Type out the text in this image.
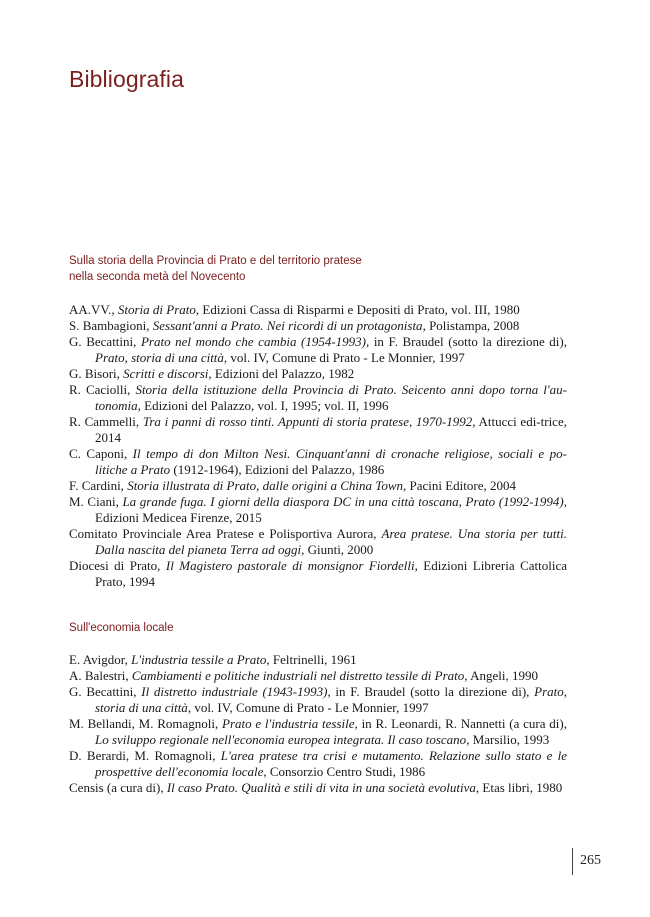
Bibliografia
Sulla storia della Provincia di Prato e del territorio pratese
nella seconda metà del Novecento
AA.VV., Storia di Prato, Edizioni Cassa di Risparmi e Depositi di Prato, vol. III, 1980
S. Bambagioni, Sessant'anni a Prato. Nei ricordi di un protagonista, Polistampa, 2008
G. Becattini, Prato nel mondo che cambia (1954-1993), in F. Braudel (sotto la direzione di), Prato, storia di una città, vol. IV, Comune di Prato - Le Monnier, 1997
G. Bisori, Scritti e discorsi, Edizioni del Palazzo, 1982
R. Caciolli, Storia della istituzione della Provincia di Prato. Seicento anni dopo torna l'au-tonomia, Edizioni del Palazzo, vol. I, 1995; vol. II, 1996
R. Cammelli, Tra i panni di rosso tinti. Appunti di storia pratese, 1970-1992, Attucci edi-trice, 2014
C. Caponi, Il tempo di don Milton Nesi. Cinquant'anni di cronache religiose, sociali e po-litiche a Prato (1912-1964), Edizioni del Palazzo, 1986
F. Cardini, Storia illustrata di Prato, dalle origini a China Town, Pacini Editore, 2004
M. Ciani, La grande fuga. I giorni della diaspora DC in una città toscana, Prato (1992-1994), Edizioni Medicea Firenze, 2015
Comitato Provinciale Area Pratese e Polisportiva Aurora, Area pratese. Una storia per tutti. Dalla nascita del pianeta Terra ad oggi, Giunti, 2000
Diocesi di Prato, Il Magistero pastorale di monsignor Fiordelli, Edizioni Libreria Cattolica Prato, 1994
Sull'economia locale
E. Avigdor, L'industria tessile a Prato, Feltrinelli, 1961
A. Balestri, Cambiamenti e politiche industriali nel distretto tessile di Prato, Angeli, 1990
G. Becattini, Il distretto industriale (1943-1993), in F. Braudel (sotto la direzione di), Prato, storia di una città, vol. IV, Comune di Prato - Le Monnier, 1997
M. Bellandi, M. Romagnoli, Prato e l'industria tessile, in R. Leonardi, R. Nannetti (a cura di), Lo sviluppo regionale nell'economia europea integrata. Il caso toscano, Marsilio, 1993
D. Berardi, M. Romagnoli, L'area pratese tra crisi e mutamento. Relazione sullo stato e le prospettive dell'economia locale, Consorzio Centro Studi, 1986
Censis (a cura di), Il caso Prato. Qualità e stili di vita in una società evolutiva, Etas libri, 1980
265
